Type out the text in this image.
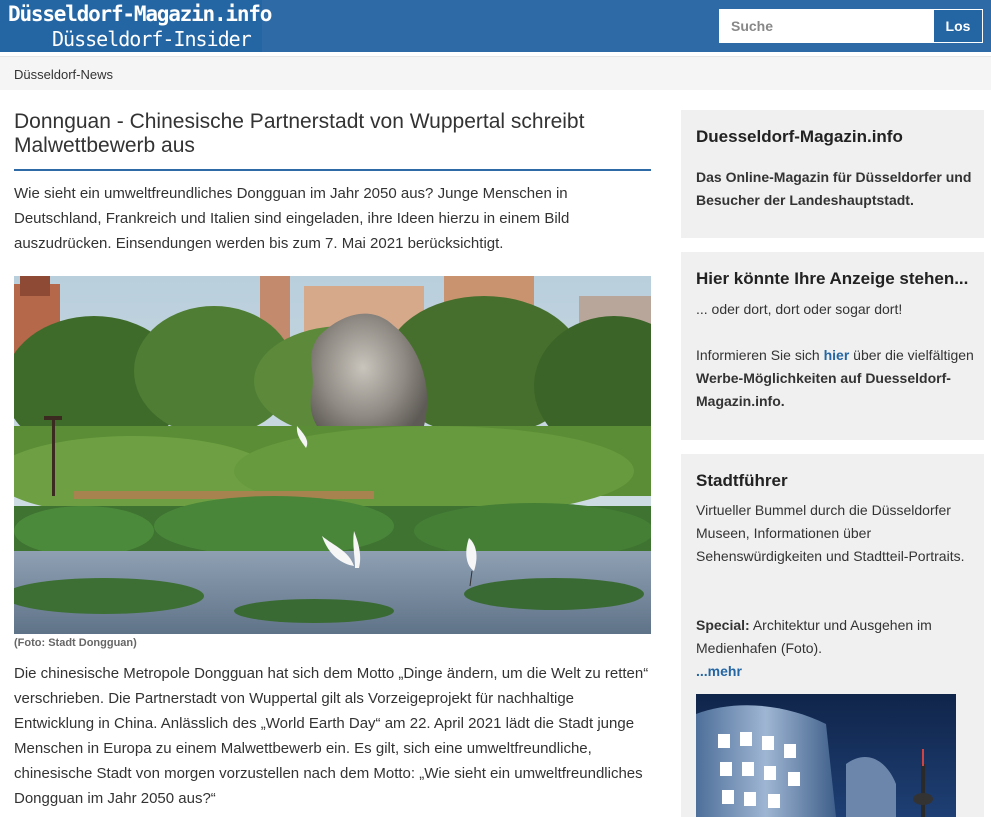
Düsseldorf-Magazin.info
Düsseldorf-Insider
Suche
Los
Düsseldorf-News
Donnguan - Chinesische Partnerstadt von Wuppertal schreibt Malwettbewerb aus

Wie sieht ein umweltfreundliches Dongguan im Jahr 2050 aus? Junge Menschen in Deutschland, Frankreich und Italien sind eingeladen, ihre Ideen hierzu in einem Bild auszudrücken. Einsendungen werden bis zum 7. Mai 2021 berücksichtigt.

(Foto: Stadt Dongguan)

Die chinesische Metropole Dongguan hat sich dem Motto „Dinge ändern, um die Welt zu retten“ verschrieben. Die Partnerstadt von Wuppertal gilt als Vorzeigeprojekt für nachhaltige Entwicklung in China. Anlässlich des „World Earth Day“ am 22. April 2021 lädt die Stadt junge Menschen in Europa zu einem Malwettbewerb ein. Es gilt, sich eine umweltfreundliche, chinesische Stadt von morgen vorzustellen nach dem Motto: „Wie sieht ein umweltfreundliches Dongguan im Jahr 2050 aus?“

Duesseldorf-Magazin.info
Das Online-Magazin für Düsseldorfer und Besucher der Landeshauptstadt.
Hier könnte Ihre Anzeige stehen...
... oder dort, dort oder sogar dort!
Informieren Sie sich hier über die vielfältigen Werbe-Möglichkeiten auf Duesseldorf-Magazin.info.
Stadtführer
Virtueller Bummel durch die Düsseldorfer Museen, Informationen über Sehenswürdigkeiten und Stadtteil-Portraits.
Special: Architektur und Ausgehen im Medienhafen (Foto).
...mehr
